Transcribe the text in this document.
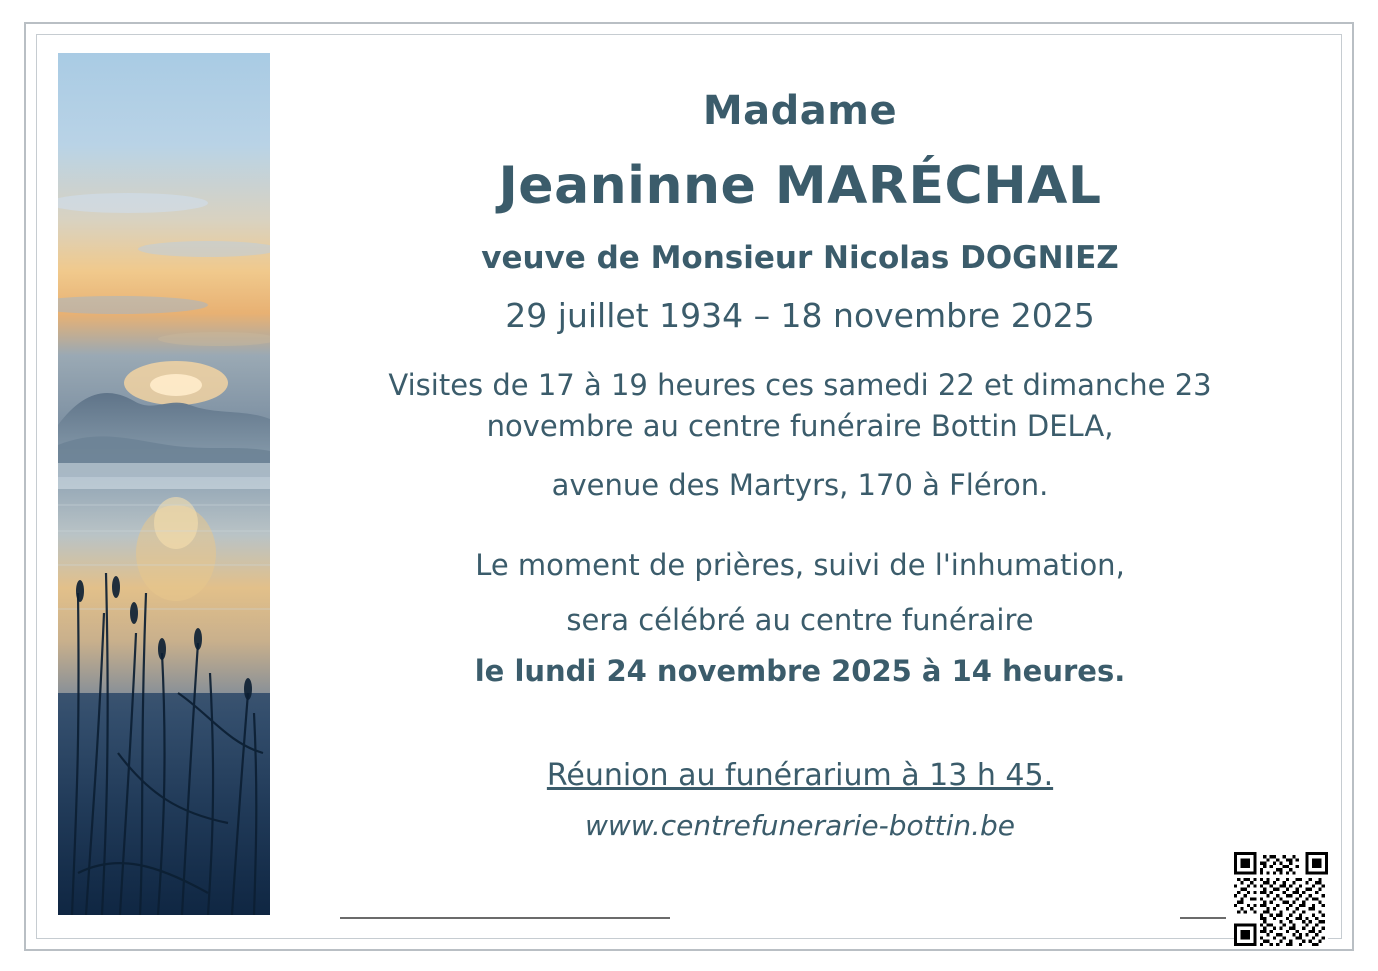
Madame
Jeaninne MARÉCHAL
veuve de Monsieur Nicolas DOGNIEZ
29 juillet 1934 – 18 novembre 2025
Visites de 17 à 19 heures ces samedi 22 et dimanche 23
novembre au centre funéraire Bottin DELA,
avenue des Martyrs, 170 à Fléron.
Le moment de prières, suivi de l'inhumation,
sera célébré au centre funéraire
le lundi 24 novembre 2025 à 14 heures.
Réunion au funérarium à 13 h 45.
www.centrefunerarie-bottin.be
